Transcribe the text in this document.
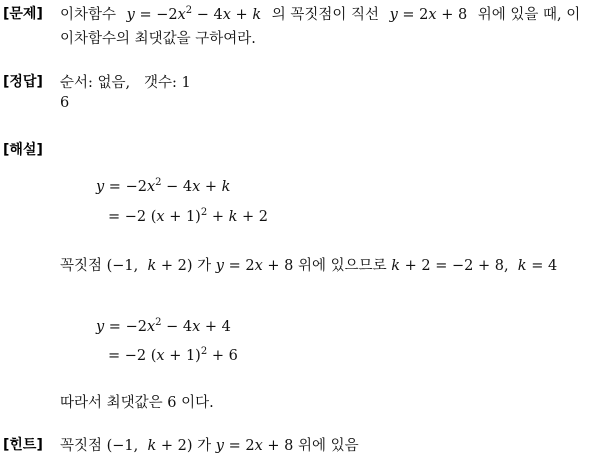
[문제] 이차함수 $y = -2x^2 - 4x + k$ 의 꼭짓점이 직선 y = 2x + 8 위에 있을 때, 이
이차함수의 최댓값을 구하여라.
[정답] 순서: 없음,   갯수: 1
6
[해설]
$y = -2x^2 - 4x + k$
= −2 $(x + 1)^2 + k + 2$
꼭짓점 (−1,  k + 2) 가 y = 2x + 8 위에 있으므로 k + 2 = −2 + 8,  k = 4
$y = -2x^2 - 4x + 4$
= −2 $(x + 1)^2 + 6$
따라서 최댓값은 6 이다.
[힌트] 꼭짓점 (−1,  k + 2) 가 y = 2x + 8 위에 있음
